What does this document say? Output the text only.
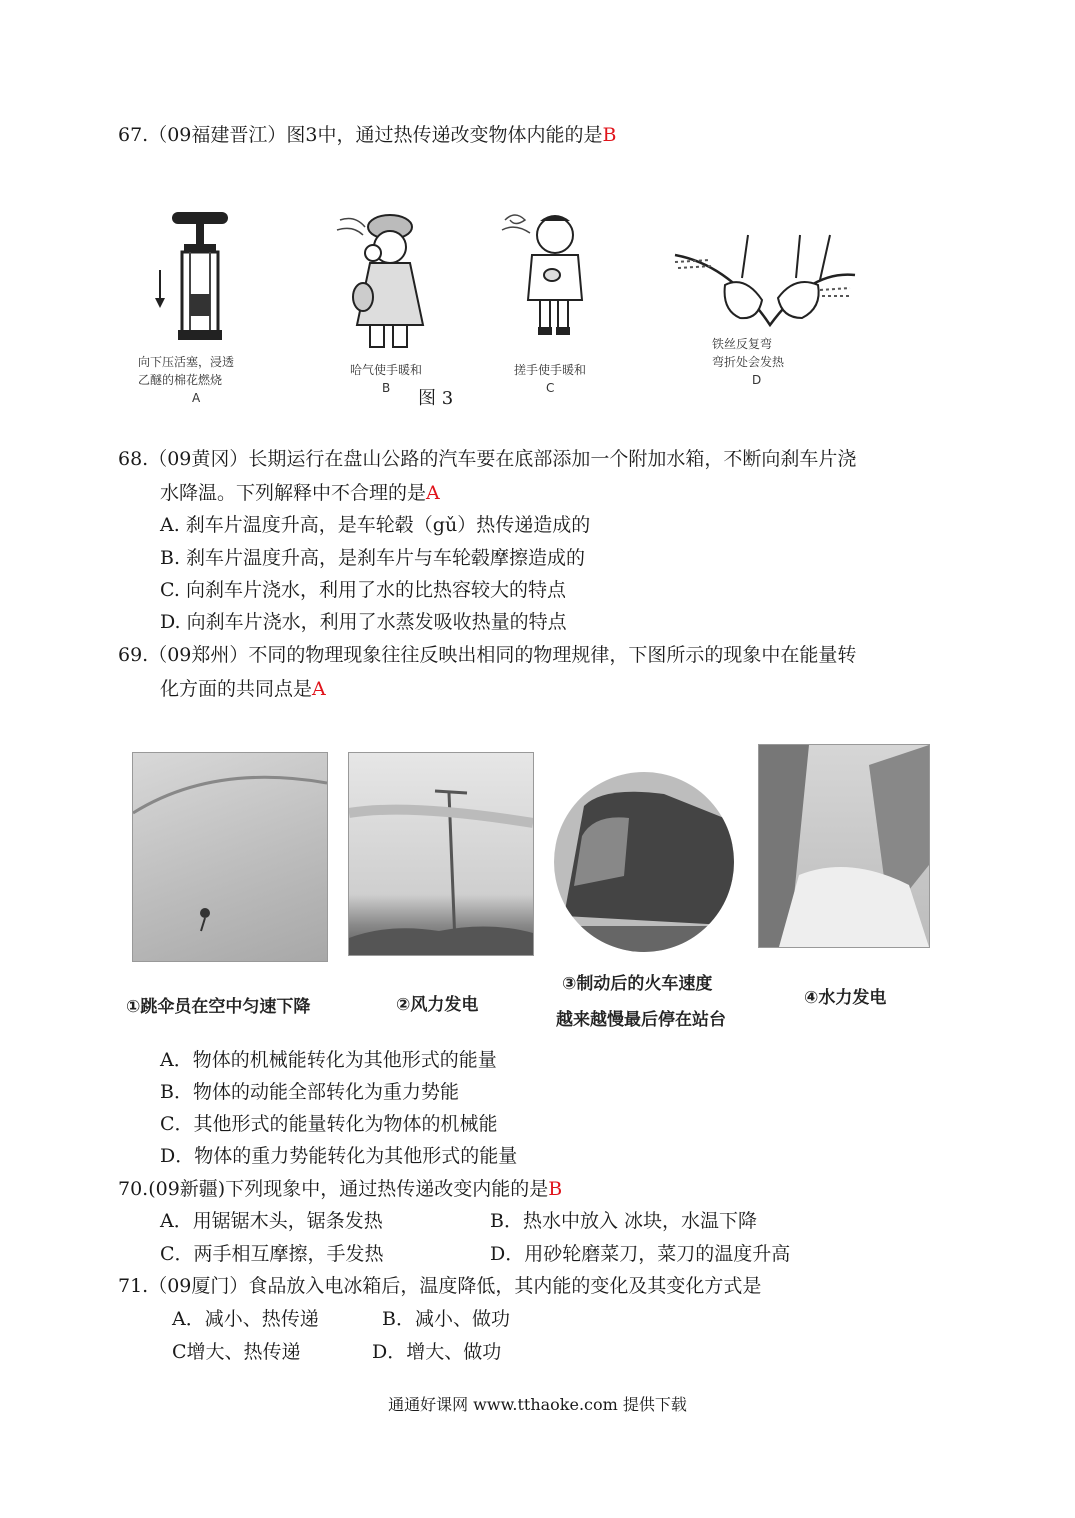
67.（09福建晋江）图3中，通过热传递改变物体内能的是B
向下压活塞，浸透
乙醚的棉花燃烧
A
哈气使手暖和
B
搓手使手暖和
C
铁丝反复弯
弯折处会发热
D
图 3
68.（09黄冈）长期运行在盘山公路的汽车要在底部添加一个附加水箱，不断向刹车片浇
水降温。下列解释中不合理的是A
A. 刹车片温度升高，是车轮毂（gǔ）热传递造成的
B. 刹车片温度升高，是刹车片与车轮毂摩擦造成的
C. 向刹车片浇水，利用了水的比热容较大的特点
D. 向刹车片浇水，利用了水蒸发吸收热量的特点
69.（09郑州）不同的物理现象往往反映出相同的物理规律，下图所示的现象中在能量转
化方面的共同点是A
①跳伞员在空中匀速下降	②风力发电
③制动后的火车速度
越来越慢最后停在站台
④水力发电
A．物体的机械能转化为其他形式的能量
B．物体的动能全部转化为重力势能
C．其他形式的能量转化为物体的机械能
D．物体的重力势能转化为其他形式的能量
70.(09新疆)下列现象中，通过热传递改变内能的是B
A．用锯锯木头，锯条发热	B．热水中放入 冰块，水温下降
C．两手相互摩擦，手发热	D．用砂轮磨菜刀，菜刀的温度升高
71.（09厦门）食品放入电冰箱后，温度降低，其内能的变化及其变化方式是
A．减小、热传递	B．减小、做功
C增大、热传递	D．增大、做功
通通好课网 www.tthaoke.com 提供下载
